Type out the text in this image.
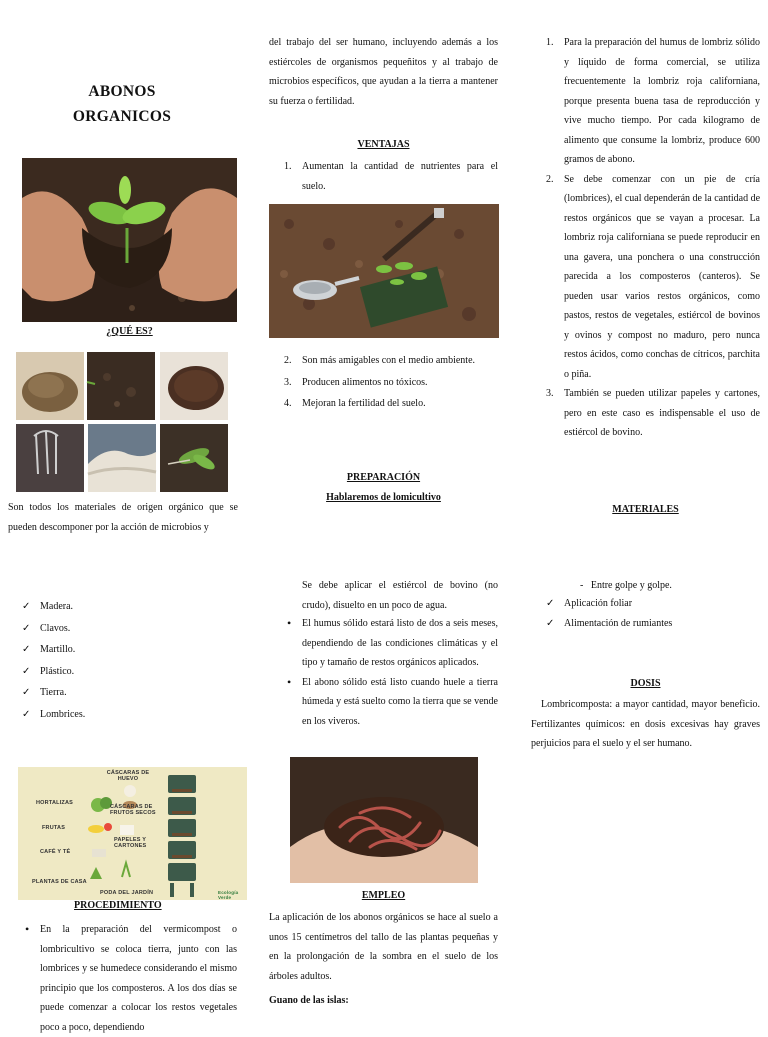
ABONOS
ORGANICOS
¿QUÉ ES?
Son todos los materiales de origen orgánico que se pueden descomponer por la acción de microbios y
✓ Madera.
✓ Clavos.
✓ Martillo.
✓ Plástico.
✓ Tierra.
✓ Lombrices.
CÁSCARAS DE HUEVO
HORTALIZAS
CÁSCARAS DE FRUTOS SECOS
FRUTAS
PAPELES Y CARTONES
CAFÉ Y TÉ
PLANTAS DE CASA
PODA DEL JARDÍN	Ecología Verde
PROCEDIMIENTO
• En la preparación del vermicompost o lombricultivo se coloca tierra, junto con las lombrices y se humedece considerando el mismo principio que los composteros. A los dos días se puede comenzar a colocar los restos vegetales poco a poco, dependiendo
del trabajo del ser humano, incluyendo además a los estiércoles de organismos pequeñitos y al trabajo de microbios específicos, que ayudan a la tierra a mantener su fuerza o fertilidad.
VENTAJAS
1. Aumentan la cantidad de nutrientes para el suelo.
2. Son más amigables con el medio ambiente.
3. Producen alimentos no tóxicos.
4. Mejoran la fertilidad del suelo.
PREPARACIÓN
Hablaremos de lomicultivo
Se debe aplicar el estiércol de bovino (no crudo), disuelto en un poco de agua.
• El humus sólido estará listo de dos a seis meses, dependiendo de las condiciones climáticas y el tipo y tamaño de restos orgánicos aplicados.
• El abono sólido está listo cuando huele a tierra húmeda y está suelto como la tierra que se vende en los viveros.
EMPLEO
La aplicación de los abonos orgánicos se hace al suelo a unos 15 centímetros del tallo de las plantas pequeñas y en la prolongación de la sombra en el suelo de los árboles adultos.
Guano de las islas:
1. Para la preparación del humus de lombriz sólido y líquido de forma comercial, se utiliza frecuentemente la lombriz roja californiana, porque presenta buena tasa de reproducción y vive mucho tiempo. Por cada kilogramo de alimento que consume la lombriz, produce 600 gramos de abono.
2. Se debe comenzar con un pie de cría (lombrices), el cual dependerán de la cantidad de restos orgánicos que se vayan a procesar. La lombriz roja californiana se puede reproducir en una gavera, una ponchera o una construcción parecida a los composteros (canteros). Se pueden usar varios restos orgánicos, como pastos, restos de vegetales, estiércol de bovinos y ovinos y compost no maduro, pero nunca restos ácidos, como conchas de cítricos, parchita o piña.
3. También se pueden utilizar papeles y cartones, pero en este caso es indispensable el uso de estiércol de bovino.
MATERIALES
- Entre golpe y golpe.
✓ Aplicación foliar
✓ Alimentación de rumiantes
DOSIS
Lombricomposta: a mayor cantidad, mayor beneficio. Fertilizantes químicos: en dosis excesivas hay graves perjuicios para el suelo y el ser humano.
